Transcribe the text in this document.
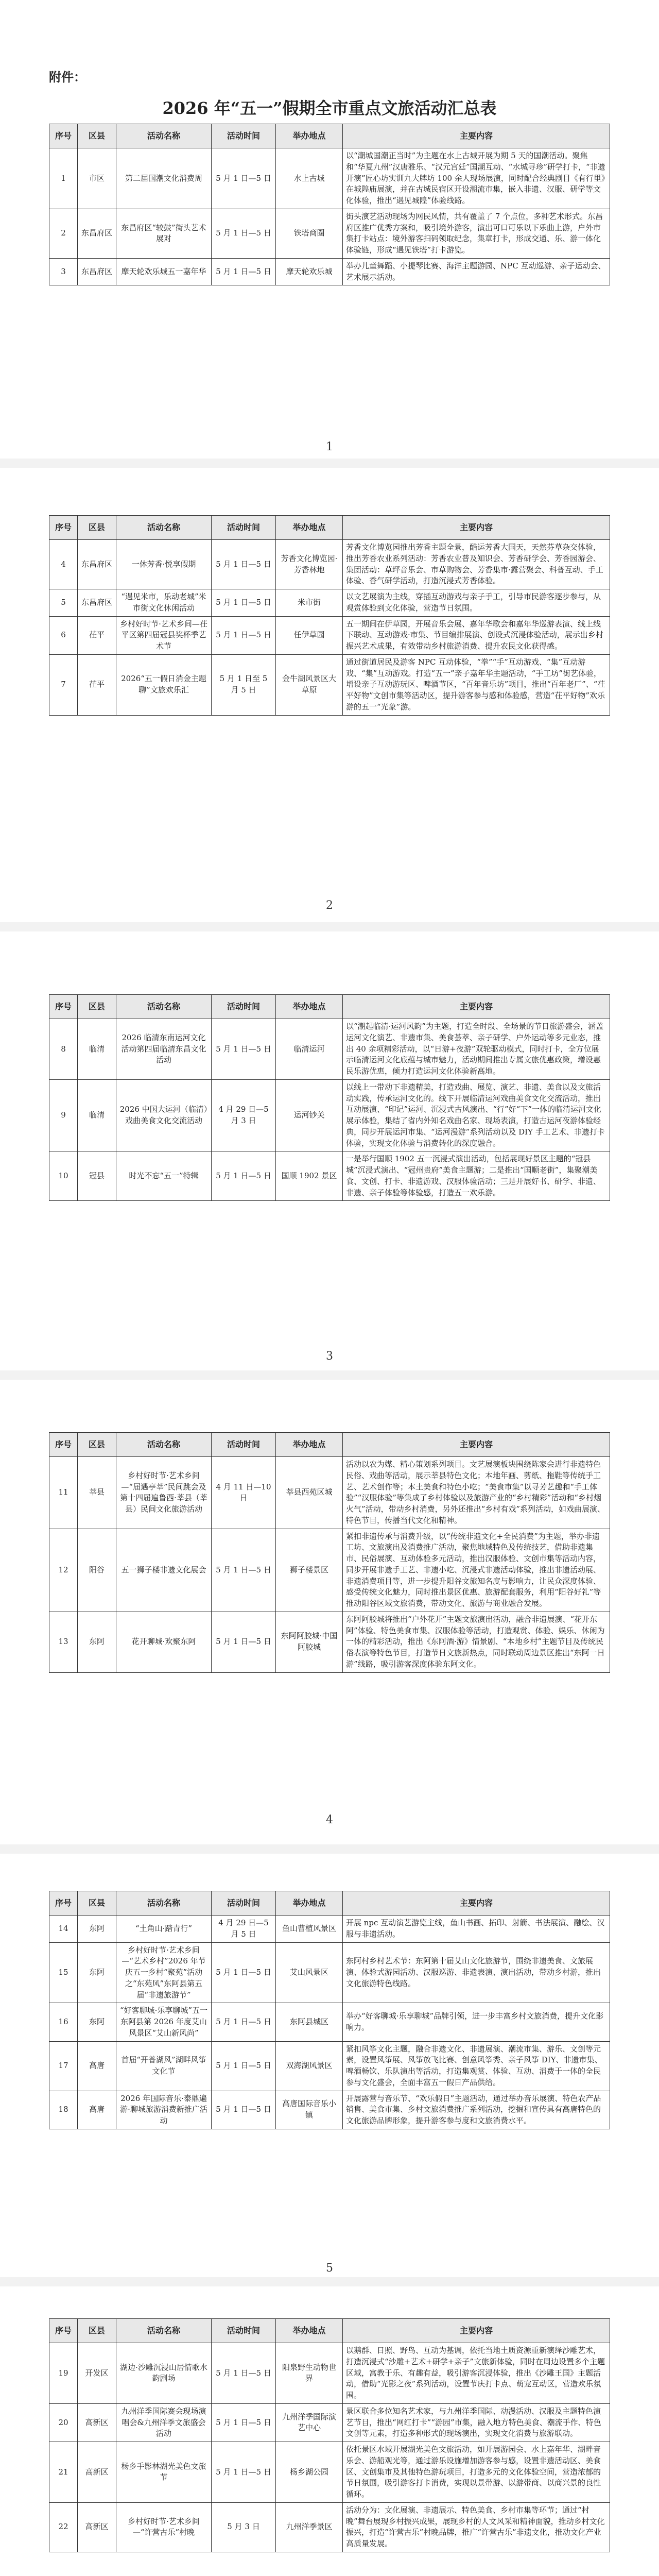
附件：
2026 年“五一”假期全市重点文旅活动汇总表
序号	区县	活动名称	活动时间	举办地点	主要内容
1	市区	第二届国潮文化消费周	5 月 1 日—5 日	水上古城	以“潮城国潮正当时”为主题在水上古城开展为期 5 天的国潮活动。聚焦和“华夏九州”汉唐雅乐、“汉元宫廷”国潮互动、“水城寻珍”研学打卡，“非遗开演”匠心坊实训九大牌坊 100 余人现场展演，同时配合经典剧目《有行里》在城隍庙展演，并在古城民宿区开设潮流市集，嵌入非遗、汉服、研学等文化体验，推出“遇见城隍”体验线路。
2	东昌府区	东昌府区“较鼓”街头艺术展对	5 月 1 日—5 日	铁塔商圈	街头演艺活动现场为网民风情，共有覆盖了 7 个点位，多种艺术形式。东昌府区推广优秀方案和，吸引境外游客，演出可口可乐以下乐曲上游，户外市集打卡站点：境外游客扫码领取纪念，集章打卡，形成交通、乐、游一体化体验链，形成“遇见铁塔”打卡游览。
3	东昌府区	摩天轮欢乐城五一嘉年华	5 月 1 日—5 日	摩天轮欢乐城	举办儿童舞蹈、小提琴比赛、海洋主题游园、NPC 互动巡游、亲子运动会、艺术展示活动。
1
序号	区县	活动名称	活动时间	举办地点	主要内容
4	东昌府区	一休芳香·悦享假期	5 月 1 日—5 日	芳香文化博览园·芳香林地	芳香文化博览园推出芳香主题全景，酷运芳香大国天，天然芬草杂交体验，推出芳香农业系列活动：芳香农业普及知识会、芳香研学会、芳香园游会、集团活动：草坪音乐会、市草购物会、芳香集市·露营聚会、科普互动、手工体验、香气研学活动，打造沉浸式芳香体验。
5	东昌府区	“遇见米市，乐动老城”米市街文化休闲活动	5 月 1 日—5 日	米市街	以文艺展演为主线，穿插互动游戏与亲子手工，引导市民游客逐步参与，从观赏体验到文化体验，营造节日氛围。
6	茌平	乡村好时节·艺术乡间—茌平区第四届冠县奖杯季艺术节	5 月 1 日—5 日	任伊草园	五一期间在伊草园，开展音乐会展、嘉年华歌会和嘉年华巡游表演、线上线下联动、互动游戏·市集、节目编排展演、创设式沉浸体验活动，展示出乡村振兴艺术成果，有效带动乡村旅游消费、提升农民文化获得感。
7	茌平	2026“五一假日消金主题聊”文旅欢乐汇	5 月 1 日至 5 月 5 日	金牛湖风景区大草原	通过街道居民及游客 NPC 互动体验，“拳”“手”互动游戏、“集”互动游戏、“集”互动游戏。打造“五一”亲子嘉年华主题活动，“手工坊”街艺体验，增设亲子互动游玩区、啤酒节区，“百年音乐坊”项目，推出“百年老厂”、“茌平好物”文创市集等活动区，提升游客参与感和体验感，营造“茌平好物”欢乐游的五一“光象”游。
2
序号	区县	活动名称	活动时间	举办地点	主要内容
8	临清	2026 临清东南运河文化活动第四届临清东昌文化活动	5 月 1 日—5 日	临清运河	以“潮起临清·运河风韵”为主题，打造全时段、全场景的节日旅游盛会，涵盖运河文化演艺、非遗市集、美食荟萃、亲子研学、户外运动等多元业态，推出 40 余项精彩活动，以“日游+夜游”双轮驱动模式，同时打卡，全方位展示临清运河文化底蕴与城市魅力，活动期间推出专属文旅优惠政策，增设惠民乐游优惠，倾力打造运河文化体验新高地。
9	临清	2026 中国大运河（临清）戏曲美食文化交流活动	4 月 29 日—5 月 3 日	运河钞关	以线上一带动下非遗精美，打造戏曲、展览、演艺、非遗、美食以及文旅活动实践，传承运河文化的。线下开展临清运河戏曲美食文化交流活动，推出互动展演、“印记”运河、沉浸式古风演出、“行”好“下”一体的临清运河文化展示体验，集结了省内外知名戏曲名家、现场表演，打造古运河夜游体验经典，同步开展运河市集、“运河漫游”系列活动以及 DIY 手工艺术、非遗打卡体验，实现文化体验与消费转化的深度融合。
10	冠县	时光不忘“五一”特辑	5 月 1 日—5 日	国顺 1902 景区	一是举行国顺 1902 五一沉浸式演出活动，包括展现好景区主题的“冠县城”沉浸式演出、“冠州贵府”美食主题游；二是推出“国顺老街”，集聚潮美食、文创、打卡、非遗游戏、汉服体验活动；三是开展好书、研学、非遗、非遗、亲子体验等体验感，打造五一欢乐游。
3
序号	区县	活动名称	活动时间	举办地点	主要内容
11	莘县	乡村好时节·艺术乡间—“届遇亭莘”民间跳会及第十四届遍鲁西·莘县（莘县）民间文化旅游活动	4 月 11 日—10 日	莘县西苑区城	活动以农为媒、精心策划系列项目。文艺展演板块围绕陈家会进行非遗特色民俗、戏曲等活动，展示莘县特色文化；本地年画、剪纸、拖鞋等传统手工艺、艺术创作等；本土美食和特色小吃；“美食市集”以寻芳艺趣和“手工体验”“汉服体验”等集成了乡村体验以及旅游产业的“乡村精彩”活动和“乡村烟火气”活动，带动乡村消费，另外还推出“乡村有戏”系列活动，如戏曲展演、特色节目，传播当代文化和精神。
12	阳谷	五一狮子楼非遗文化展会	5 月 1 日—5 日	狮子楼景区	紧扣非遗传承与消费升级，以“传统非遗文化+全民消费”为主题，举办非遗工坊、文旅演出及消费推广活动，聚焦地域特色及传统技艺，借助非遗集市、民俗展演、互动体验多元活动，推出汉服体验、文创市集等活动内容，同步开展非遗手工艺、非遗小吃、沉浸式非遗活动体验，推出非遗活动展、非遗消费项目等，进一步提升阳谷文旅知名度与影响力，让民众深度体验、感受传统文化魅力，同时推出景区优惠、旅游配套服务，利用“阳谷好礼”等推动阳谷区域文旅消费，带动文化、旅游与商业融合发展。
13	东阿	花开聊城·欢聚东阿	5 月 1 日—5 日	东阿阿胶城·中国阿胶城	东阿阿胶城将推出“户外花开”主题文旅演出活动，融合非遗展演、“花开东阿”体验、特色美食市集、汉服体验等活动，打造观赏、体验、娱乐、休闲为一体的精彩活动，推出《东阿酒·游》情景剧、“本地乡村”主题节目及传统民俗表演等特色节目，打造节日文旅新热点，同时联动周边景区推出“东阿一日游”线路，吸引游客深度体验东阿文化。
4
序号	区县	活动名称	活动时间	举办地点	主要内容
14	东阿	“土角山·踏青行”	4 月 29 日—5 月 5 日	鱼山曹植风景区	开展 npc 互动演艺游览主线，鱼山书画、拓印、射箭、书法展演、融绘、汉服与非遗活动。
15	东阿	乡村好时节·艺术乡间—“艺术乡村”2026 年节庆五一乡村“聚苑”活动之“东苑风”东阿县第五届“非遗旅游节”	5 月 1 日—5 日	艾山风景区	东阿村乡村艺术节：东阿第十届艾山文化旅游节，围绕非遗美食、文旅展演、体验式游园活动、汉服巡游、非遗表演、演出活动，带动乡村游，推出文化旅游特色线路。
16	东阿	“好客聊城·乐享聊城”五一东阿县第 2026 年度艾山风景区“艾山新风尚”	5 月 1 日—5 日	东阿县城区	举办“好客聊城·乐享聊城”品牌引领，进一步丰富乡村文旅消费，提升文化影响力。
17	高唐	首届“开普湖风”湖畔风筝文化节	5 月 1 日—5 日	双海湖风景区	紧扣风筝文化主题，融合非遗文化、非遗展演、潮流市集、游乐、文创等元素，设置风筝展、风筝放飞比赛、创意风筝秀、亲子风筝 DIY、非遗市集、啤酒畅饮、乐队演出等活动，打造集观赏、体验、互动、消费于一体的全民参与文化盛会，全面丰富五一假日产品供给。
18	高唐	2026 年国际音乐·泰鼎遍游·聊城旅游消费新推广活动	5 月 1 日—5 日	高唐国际音乐小镇	开展露营与音乐节、“欢乐假日”主题活动，通过举办音乐展演、特色农产品销售、美食市集、乡村文旅消费推广系列活动，挖掘和宣传具有高唐特色的文化旅游品牌形象，提升游客参与度和文旅消费水平。
5
序号	区县	活动名称	活动时间	举办地点	主要内容
19	开发区	湖边·沙雕沉浸山居情歌水韵剧场	5 月 1 日—5 日	阳泉野生动物世界	以鹅群、日照、野鸟、互动为基调，依托当地土质资源重新演绎沙雕艺术，打造沉浸式“沙雕+艺术+研学+亲子”文旅新体验，同时在周边设置多个主题区域，寓教于乐、有趣有益，吸引游客沉浸体验，推出《沙雕王国》主题活动，借助“光影之夜”系列活动，设置节庆打卡点、萌宠互动区，营造欢乐氛围。
20	高新区	九州洋季国际赛会现场演唱会&九州洋季文旅盛会活动	5 月 1 日—5 日	九州洋季国际演艺中心	景区联合多位知名艺术家，与九州洋季国际、动漫活动、汉服及主题特色演艺节目，推出“网红打卡”“游园”市集，融入地方特色美食、潮流手作、特色文创等元素，打造多种形式的现场演出，实现文化消费与旅游联动。
21	高新区	杨乡手影林湖光美色文旅节	5 月 1 日—5 日	杨乡湖公园	依托景区水域开展湖光美色文旅活动，如开展游园会、水上嘉年华、湖畔音乐会、游船观光等，通过游乐设施增加游客参与感，设置非遗活动区、美食区、文创集市及其他特色游玩项目，打造多元的文化体验空间，营造浓郁的节日氛围，吸引游客打卡消费，实现以景带游、以游带商、以商兴景的良性循环。
22	高新区	乡村好时节·艺术乡间—“许营古乐”村晚	5 月 3 日	九州洋季景区	活动分为：文化展演、非遗展示、特色美食、乡村市集等环节；通过“村晚”舞台展现乡村振兴成果，展现乡村的人文风采和精神面貌，推动乡村文化振兴，打造“许营古乐”村晚品牌，推广“许营古乐”非遗文化，推动文化产业高质量发展。
